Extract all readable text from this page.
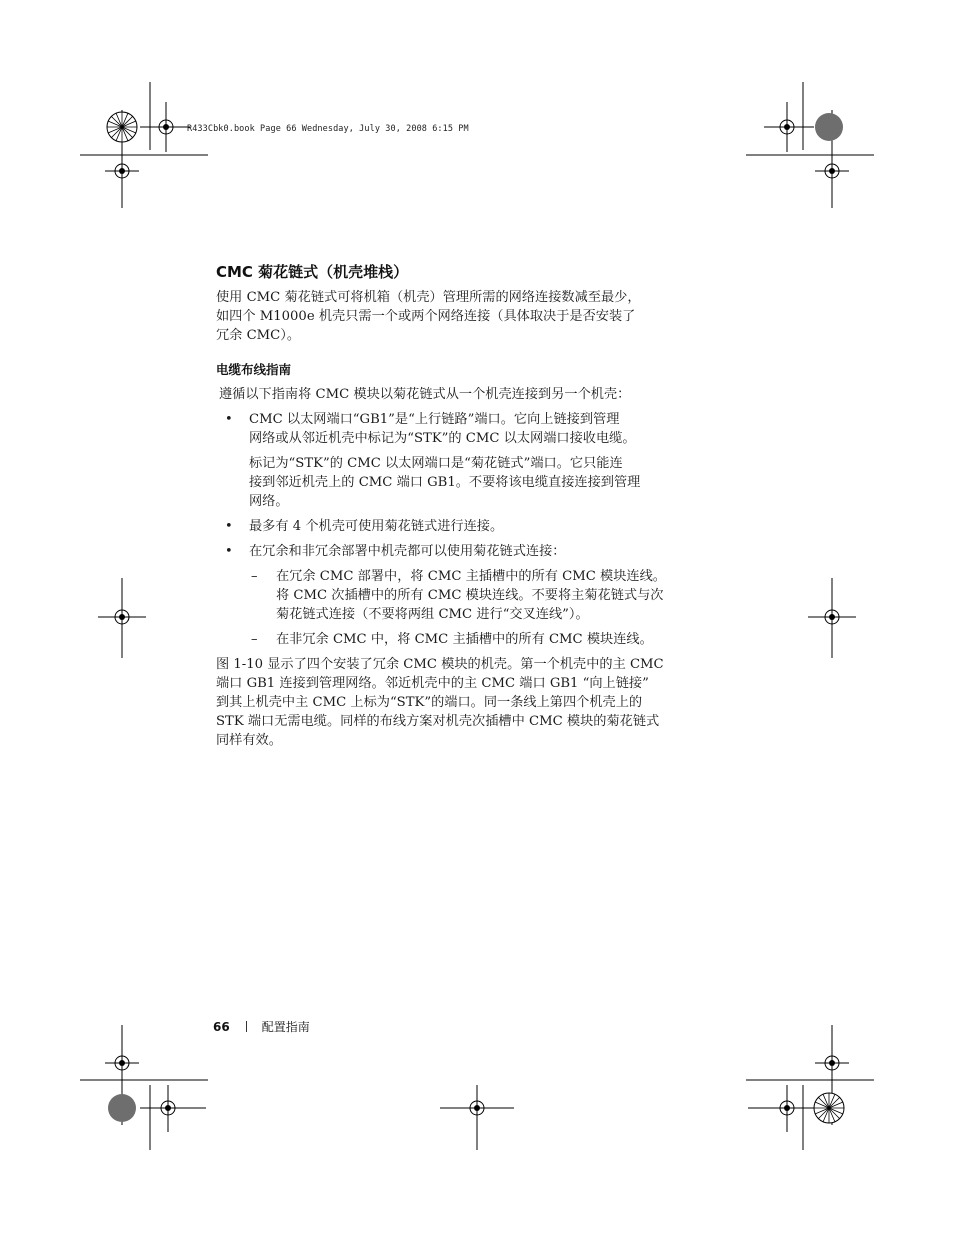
R433Cbk0.book Page 66 Wednesday, July 30, 2008 6:15 PM
CMC 菊花链式（机壳堆栈）

使用 CMC 菊花链式可将机箱（机壳）管理所需的网络连接数减至最少，

如四个 M1000e 机壳只需一个或两个网络连接（具体取决于是否安装了

冗余 CMC）。

电缆布线指南

遵循以下指南将 CMC 模块以菊花链式从一个机壳连接到另一个机壳：

• CMC 以太网端口“GB1”是“上行链路”端口。它向上链接到管理

网络或从邻近机壳中标记为“STK”的 CMC 以太网端口接收电缆。

标记为“STK”的 CMC 以太网端口是“菊花链式”端口。它只能连

接到邻近机壳上的 CMC 端口 GB1。不要将该电缆直接连接到管理

网络。

• 最多有 4 个机壳可使用菊花链式进行连接。

• 在冗余和非冗余部署中机壳都可以使用菊花链式连接：

– 在冗余 CMC 部署中，将 CMC 主插槽中的所有 CMC 模块连线。

将 CMC 次插槽中的所有 CMC 模块连线。不要将主菊花链式与次

菊花链式连接（不要将两组 CMC 进行“交叉连线”）。

– 在非冗余 CMC 中，将 CMC 主插槽中的所有 CMC 模块连线。

图 1-10 显示了四个安装了冗余 CMC 模块的机壳。第一个机壳中的主 CMC

端口 GB1 连接到管理网络。邻近机壳中的主 CMC 端口 GB1 “向上链接”

到其上机壳中主 CMC 上标为“STK”的端口。同一条线上第四个机壳上的

STK 端口无需电缆。同样的布线方案对机壳次插槽中 CMC 模块的菊花链式

同样有效。

66	配置指南
